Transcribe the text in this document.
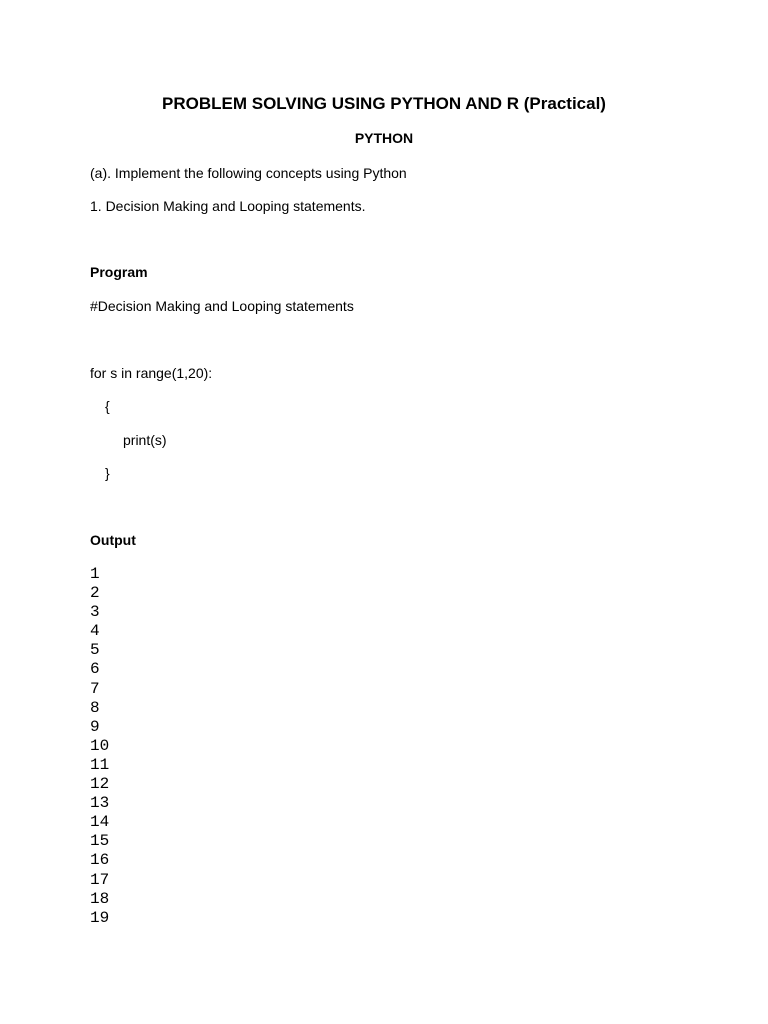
PROBLEM SOLVING USING PYTHON AND R (Practical)
PYTHON
(a). Implement the following concepts using Python
1. Decision Making and Looping statements.
Program
#Decision Making and Looping statements
for s in range(1,20):
{
print(s)
}
Output
1
2
3
4
5
6
7
8
9
10
11
12
13
14
15
16
17
18
19
